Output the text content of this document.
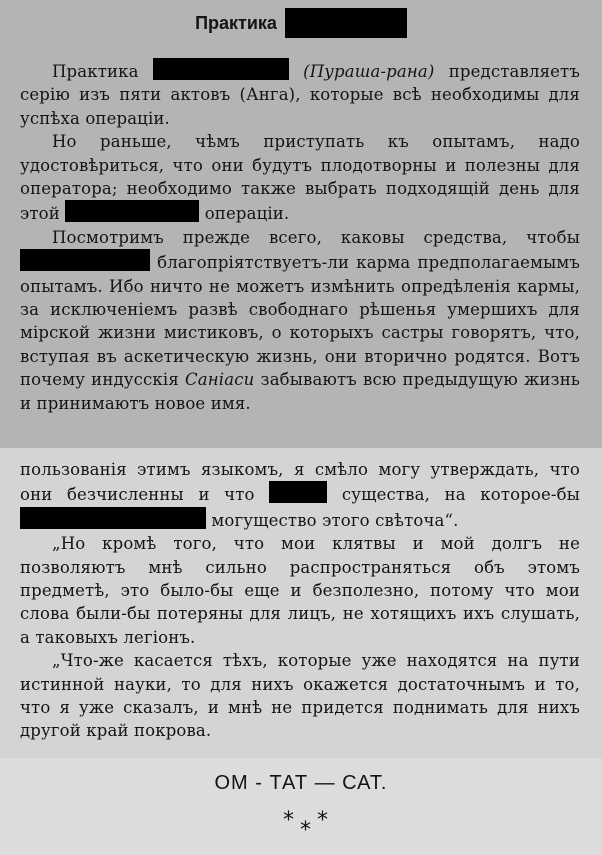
Практика

Практика	(Пураша-рана) представляетъ серію изъ пяти актовъ (Анга), которые всѣ необходимы для успѣха операціи.

Но раньше, чѣмъ приступать къ опытамъ, надо удостовѣриться, что они будутъ плодотворны и полезны для оператора; необходимо также выбрать подходящій день для этой	операціи.

Посмотримъ прежде всего, каковы средства, чтобы  благопріятствуетъ-ли карма предполагаемымъ опытамъ. Ибо ничто не можетъ измѣнить опредѣленія кармы, за исключеніемъ развѣ свободнаго рѣшенья умершихъ для мірской жизни мистиковъ, о которыхъ састры говорятъ, что, вступая въ аскетическую жизнь, они вторично родятся. Вотъ почему индусскія Саніаси забываютъ всю предыдущую жизнь и принимаютъ новое имя.

пользованія этимъ языкомъ, я смѣло могу утверждать, что они безчисленны и что	существа, на которое-бы  могущество этого свѣточа“.

„Но кромѣ того, что мои клятвы и мой долгъ не позволяютъ мнѣ сильно распространяться объ этомъ предметѣ, это было-бы еще и безполезно, потому что мои слова были-бы потеряны для лицъ, не хотящихъ ихъ слушать, а таковыхъ легіонъ.

„Что-же касается тѣхъ, которые уже находятся на пути истинной науки, то для нихъ окажется достаточнымъ и то, что я уже сказалъ, и мнѣ не придется поднимать для нихъ другой край покрова.

ОМ - ТАТ — САТ.
* * *
